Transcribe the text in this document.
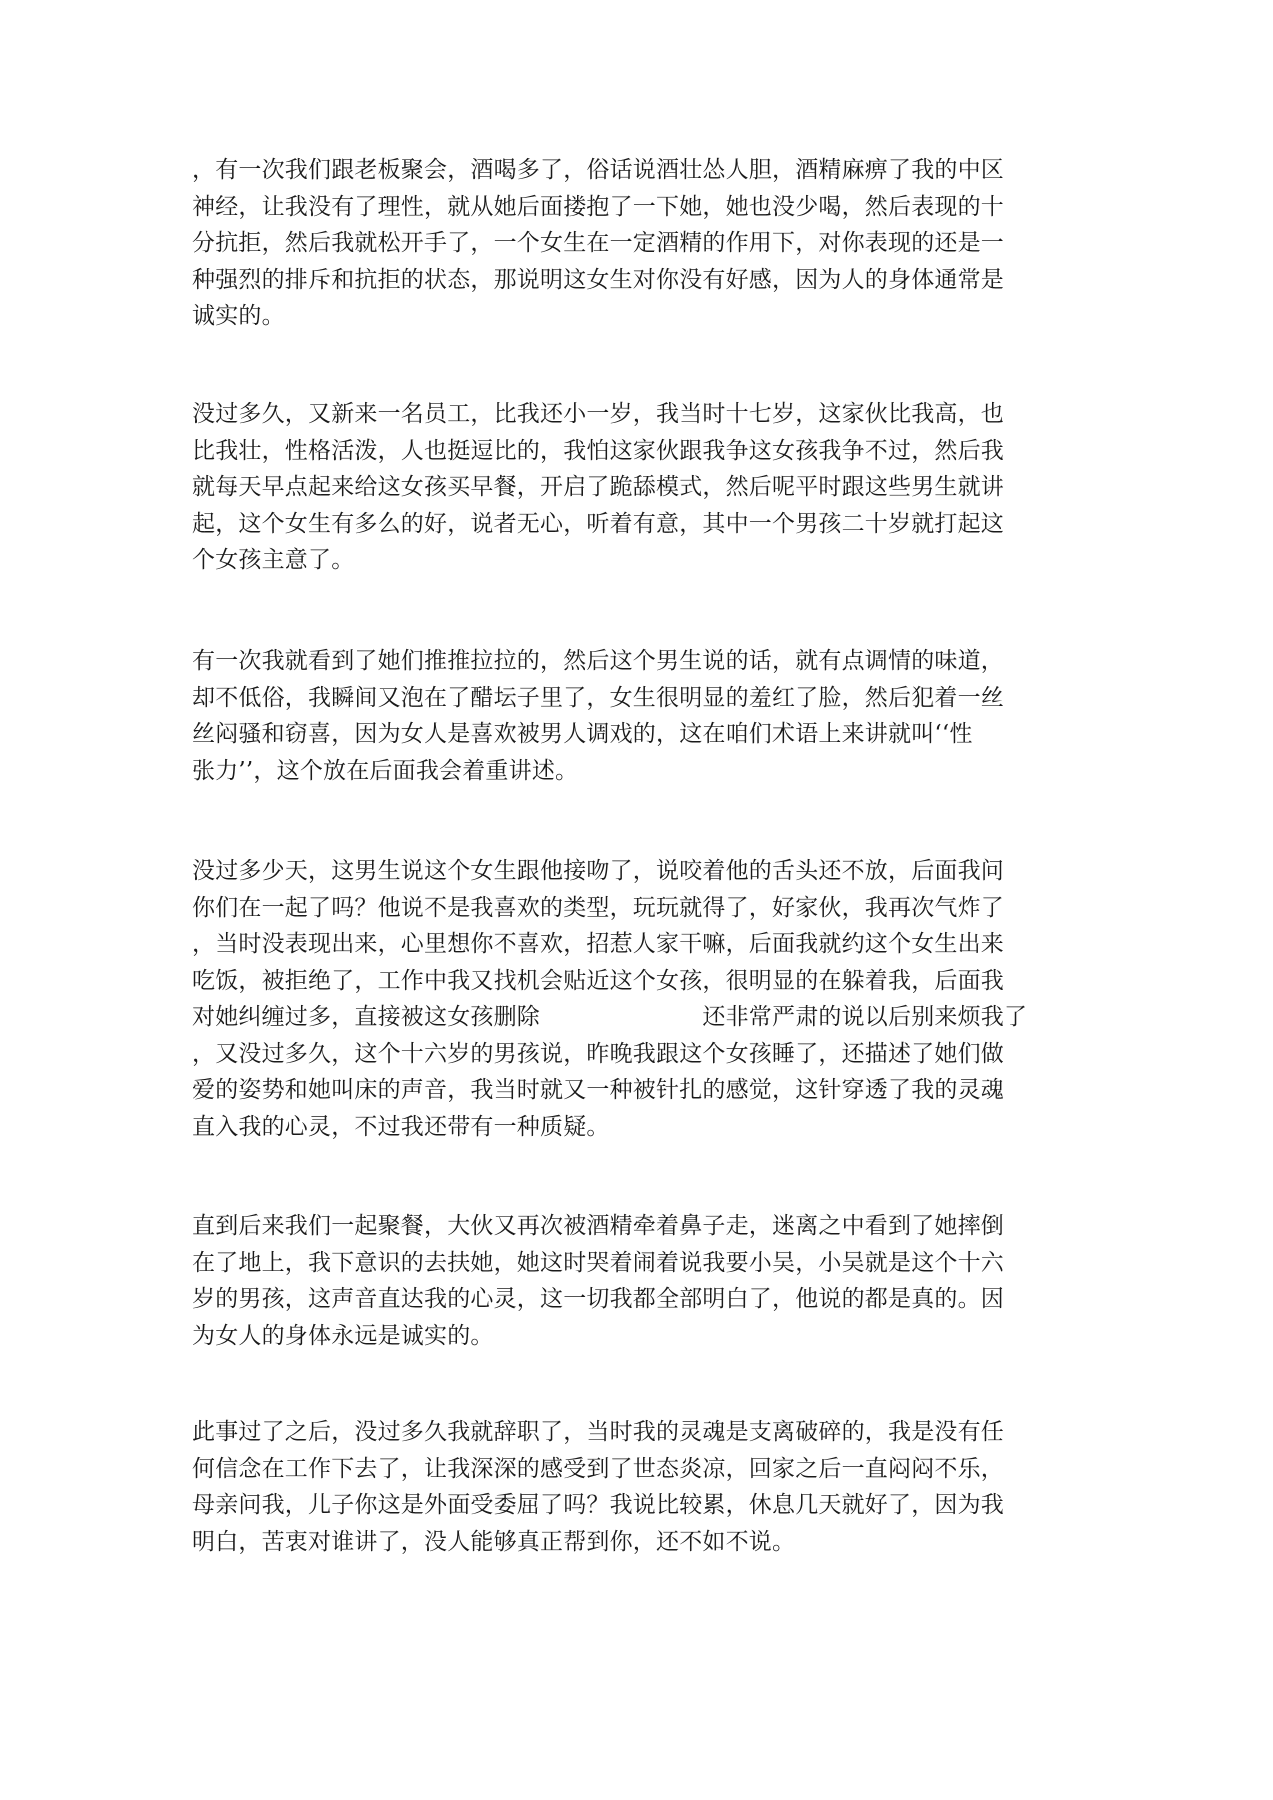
，有一次我们跟老板聚会，酒喝多了，俗话说酒壮怂人胆，酒精麻痹了我的中区
神经，让我没有了理性，就从她后面搂抱了一下她，她也没少喝，然后表现的十
分抗拒，然后我就松开手了，一个女生在一定酒精的作用下，对你表现的还是一
种强烈的排斥和抗拒的状态，那说明这女生对你没有好感，因为人的身体通常是
诚实的。
没过多久，又新来一名员工，比我还小一岁，我当时十七岁，这家伙比我高，也
比我壮，性格活泼，人也挺逗比的，我怕这家伙跟我争这女孩我争不过，然后我
就每天早点起来给这女孩买早餐，开启了跪舔模式，然后呢平时跟这些男生就讲
起，这个女生有多么的好，说者无心，听着有意，其中一个男孩二十岁就打起这
个女孩主意了。
有一次我就看到了她们推推拉拉的，然后这个男生说的话，就有点调情的味道，
却不低俗，我瞬间又泡在了醋坛子里了，女生很明显的羞红了脸，然后犯着一丝
丝闷骚和窃喜，因为女人是喜欢被男人调戏的，这在咱们术语上来讲就叫‘‘性
张力’’，这个放在后面我会着重讲述。
没过多少天，这男生说这个女生跟他接吻了，说咬着他的舌头还不放，后面我问
你们在一起了吗？他说不是我喜欢的类型，玩玩就得了，好家伙，我再次气炸了
，当时没表现出来，心里想你不喜欢，招惹人家干嘛，后面我就约这个女生出来
吃饭，被拒绝了，工作中我又找机会贴近这个女孩，很明显的在躲着我，后面我
对她纠缠过多，直接被这女孩删除　　　　　　　还非常严肃的说以后别来烦我了
，又没过多久，这个十六岁的男孩说，昨晚我跟这个女孩睡了，还描述了她们做
爱的姿势和她叫床的声音，我当时就又一种被针扎的感觉，这针穿透了我的灵魂
直入我的心灵，不过我还带有一种质疑。
直到后来我们一起聚餐，大伙又再次被酒精牵着鼻子走，迷离之中看到了她摔倒
在了地上，我下意识的去扶她，她这时哭着闹着说我要小吴，小吴就是这个十六
岁的男孩，这声音直达我的心灵，这一切我都全部明白了，他说的都是真的。因
为女人的身体永远是诚实的。
此事过了之后，没过多久我就辞职了，当时我的灵魂是支离破碎的，我是没有任
何信念在工作下去了，让我深深的感受到了世态炎凉，回家之后一直闷闷不乐，
母亲问我，儿子你这是外面受委屈了吗？我说比较累，休息几天就好了，因为我
明白，苦衷对谁讲了，没人能够真正帮到你，还不如不说。
